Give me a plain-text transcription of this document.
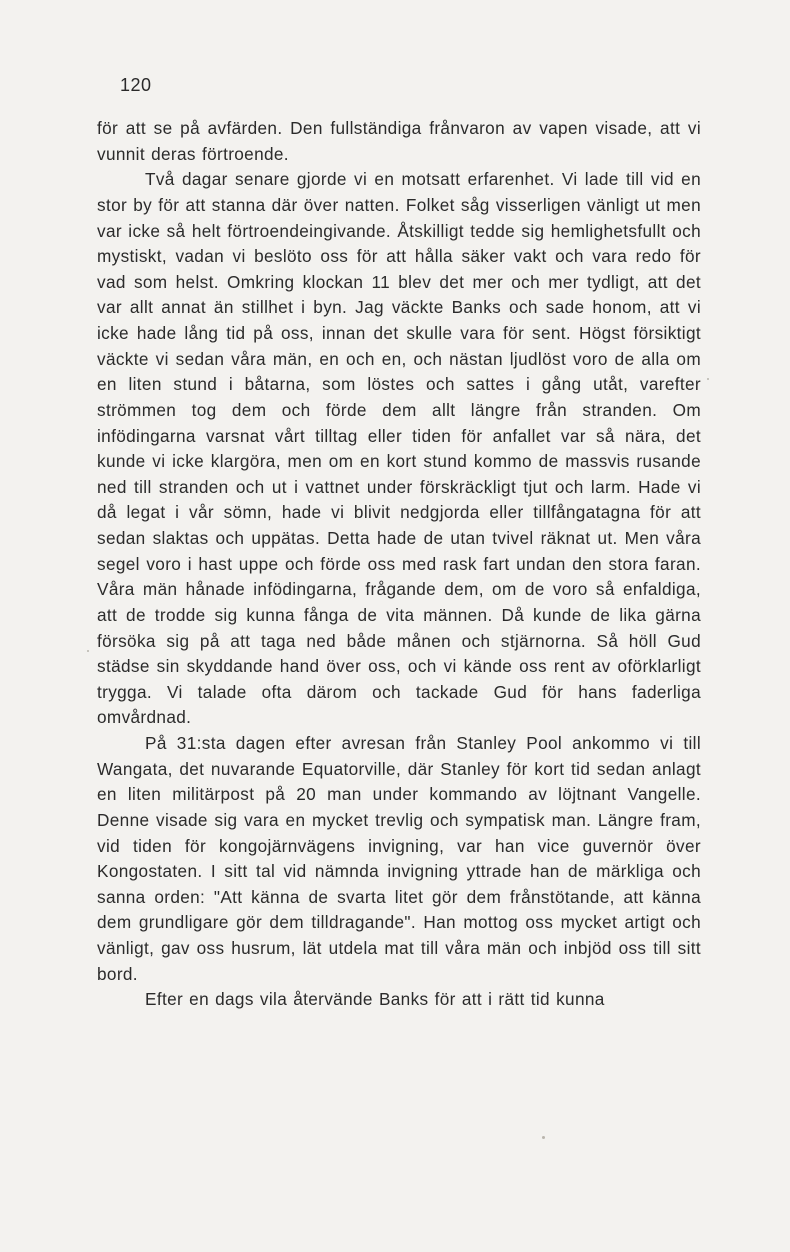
120

för att se på avfärden. Den fullständiga frånvaron av vapen visade, att vi vunnit deras förtroende.

Två dagar senare gjorde vi en motsatt erfarenhet. Vi lade till vid en stor by för att stanna där över natten. Folket såg visserligen vänligt ut men var icke så helt förtroendeingivande. Åtskilligt tedde sig hemlighetsfullt och mystiskt, vadan vi beslöto oss för att hålla säker vakt och vara redo för vad som helst. Omkring klockan 11 blev det mer och mer tydligt, att det var allt annat än stillhet i byn. Jag väckte Banks och sade honom, att vi icke hade lång tid på oss, innan det skulle vara för sent. Högst försiktigt väckte vi sedan våra män, en och en, och nästan ljudlöst voro de alla om en liten stund i båtarna, som löstes och sattes i gång utåt, varefter strömmen tog dem och förde dem allt längre från stranden. Om infödingarna varsnat vårt tilltag eller tiden för anfallet var så nära, det kunde vi icke klargöra, men om en kort stund kommo de massvis rusande ned till stranden och ut i vattnet under förskräckligt tjut och larm. Hade vi då legat i vår sömn, hade vi blivit nedgjorda eller tillfångatagna för att sedan slaktas och uppätas. Detta hade de utan tvivel räknat ut. Men våra segel voro i hast uppe och förde oss med rask fart undan den stora faran. Våra män hånade infödingarna, frågande dem, om de voro så enfaldiga, att de trodde sig kunna fånga de vita männen. Då kunde de lika gärna försöka sig på att taga ned både månen och stjärnorna. Så höll Gud städse sin skyddande hand över oss, och vi kände oss rent av oförklarligt trygga. Vi talade ofta därom och tackade Gud för hans faderliga omvårdnad.

På 31:sta dagen efter avresan från Stanley Pool ankommo vi till Wangata, det nuvarande Equatorville, där Stanley för kort tid sedan anlagt en liten militärpost på 20 man under kommando av löjtnant Vangelle. Denne visade sig vara en mycket trevlig och sympatisk man. Längre fram, vid tiden för kongojärnvägens invigning, var han vice guvernör över Kongostaten. I sitt tal vid nämnda invigning yttrade han de märkliga och sanna orden: "Att känna de svarta litet gör dem frånstötande, att känna dem grundligare gör dem tilldragande". Han mottog oss mycket artigt och vänligt, gav oss husrum, lät utdela mat till våra män och inbjöd oss till sitt bord.

Efter en dags vila återvände Banks för att i rätt tid kunna
